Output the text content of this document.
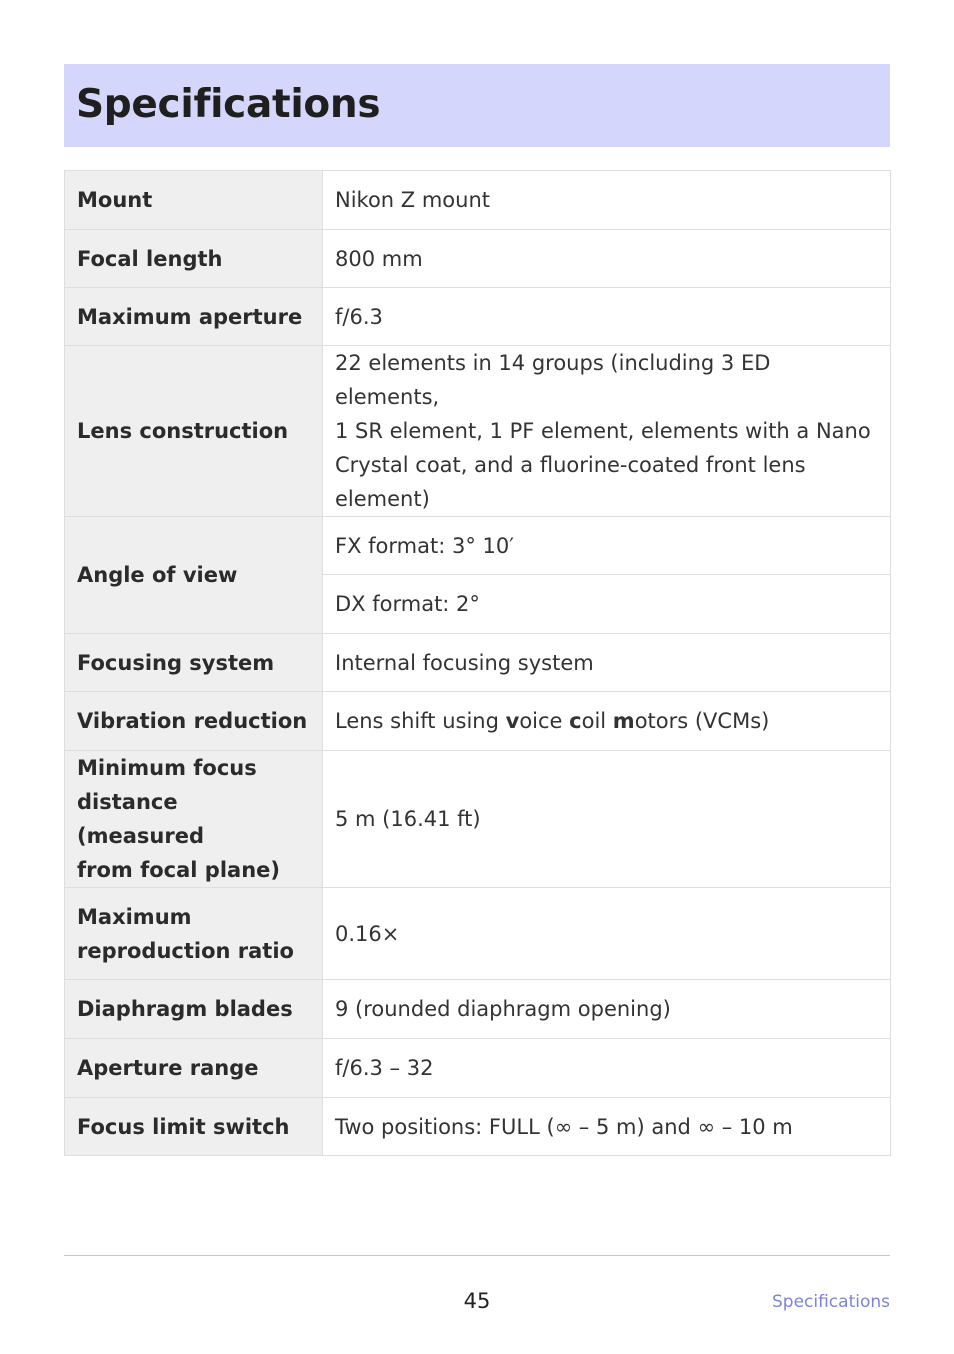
Specifications
Mount	Nikon Z mount
Focal length	800 mm
Maximum aperture	f/6.3
Lens construction	22 elements in 14 groups (including 3 ED elements,
1 SR element, 1 PF element, elements with a Nano
Crystal coat, and a fluorine-coated front lens element)
Angle of view	FX format: 3° 10′
	DX format: 2°
Focusing system	Internal focusing system
Vibration reduction	Lens shift using voice coil motors (VCMs)
Minimum focus
distance (measured
from focal plane)	5 m (16.41 ft)
Maximum
reproduction ratio	0.16×
Diaphragm blades	9 (rounded diaphragm opening)
Aperture range	f/6.3 – 32
Focus limit switch	Two positions: FULL (∞ – 5 m) and ∞ – 10 m
45	Specifications
